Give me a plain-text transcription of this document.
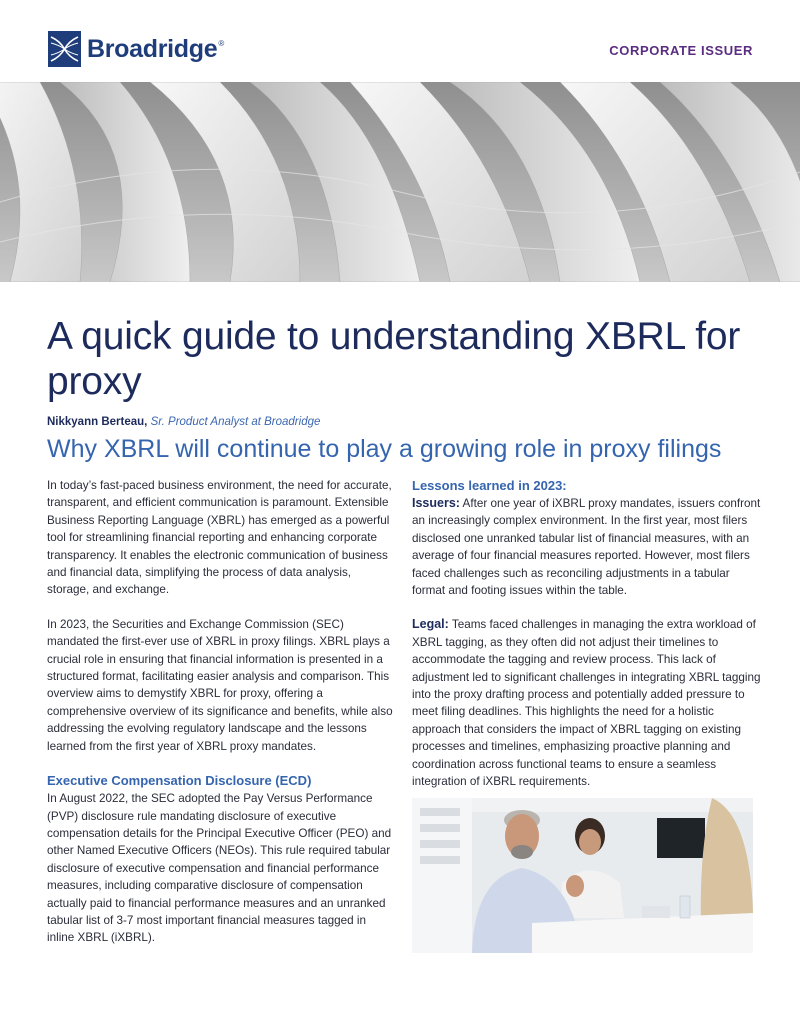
Broadridge ®	CORPORATE ISSUER
A quick guide to understanding XBRL for proxy
Nikkyann Berteau, Sr. Product Analyst at Broadridge
Why XBRL will continue to play a growing role in proxy filings

In today’s fast-paced business environment, the need for accurate, transparent, and efficient communication is paramount. Extensible Business Reporting Language (XBRL) has emerged as a powerful tool for streamlining financial reporting and enhancing corporate transparency. It enables the electronic communication of business and financial data, simplifying the process of data analysis, storage, and exchange.

In 2023, the Securities and Exchange Commission (SEC) mandated the first-ever use of XBRL in proxy filings. XBRL plays a crucial role in ensuring that financial information is presented in a structured format, facilitating easier analysis and comparison. This overview aims to demystify XBRL for proxy, offering a comprehensive overview of its significance and benefits, while also addressing the evolving regulatory landscape and the lessons learned from the first year of XBRL proxy mandates.

Executive Compensation Disclosure (ECD)

In August 2022, the SEC adopted the Pay Versus Performance (PVP) disclosure rule mandating disclosure of executive compensation details for the Principal Executive Officer (PEO) and other Named Executive Officers (NEOs). This rule required tabular disclosure of executive compensation and financial performance measures, including comparative disclosure of compensation actually paid to financial performance measures and an unranked tabular list of 3-7 most important financial measures tagged in inline XBRL (iXBRL).

Lessons learned in 2023:

Issuers: After one year of iXBRL proxy mandates, issuers confront an increasingly complex environment. In the first year, most filers disclosed one unranked tabular list of financial measures, with an average of four financial measures reported. However, most filers faced challenges such as reconciling adjustments in a tabular format and footing issues within the table.

Legal: Teams faced challenges in managing the extra workload of XBRL tagging, as they often did not adjust their timelines to accommodate the tagging and review process. This lack of adjustment led to significant challenges in integrating XBRL tagging into the proxy drafting process and potentially added pressure to meet filing deadlines. This highlights the need for a holistic approach that considers the impact of XBRL tagging on existing processes and timelines, emphasizing proactive planning and coordination across functional teams to ensure a seamless integration of iXBRL requirements.
